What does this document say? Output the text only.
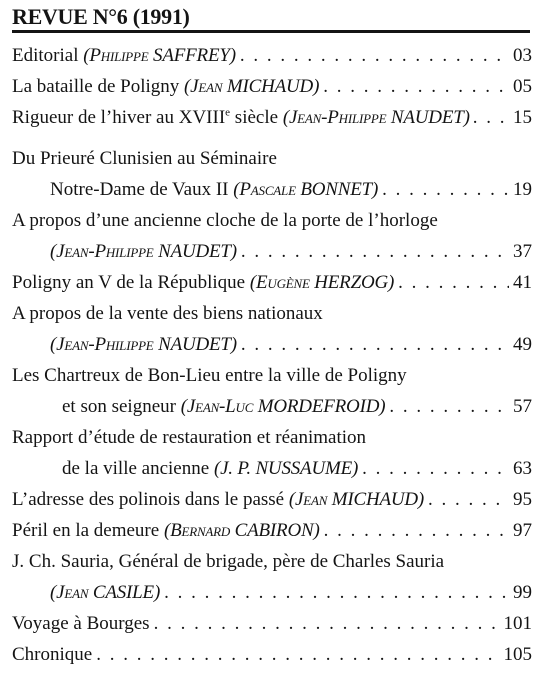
REVUE N°6 (1991)
Editorial
(Philippe SAFFREY) . . .	03
La bataille de Poligny
(Jean MICHAUD) . . .	05
Rigueur de l’hiver au XVIIIe siècle
(Jean-Philippe NAUDET) . . . 15
Du Prieuré Clunisien au Séminaire
Notre-Dame de Vaux II
(Pascale BONNET) . . .	19
A propos d’une ancienne cloche de la porte de l’horloge
(Jean-Philippe NAUDET) . . .	37
Poligny an V de la République
(Eugène HERZOG) . . .	41
A propos de la vente des biens nationaux
(Jean-Philippe NAUDET) . . .	49
Les Chartreux de Bon-Lieu entre la ville de Poligny
et son seigneur
(Jean-Luc MORDEFROID) . . .	57
Rapport d’étude de restauration et réanimation
de la ville ancienne
(J. P. NUSSAUME) . . .	63
L’adresse des polinois dans le passé
(Jean MICHAUD) . . .	95
Péril en la demeure
(Bernard CABIRON) . . .	97
J. Ch. Sauria, Général de brigade, père de Charles Sauria
(Jean CASILE) . . .	99
Voyage à Bourges . . .	101
Chronique . . .	105
